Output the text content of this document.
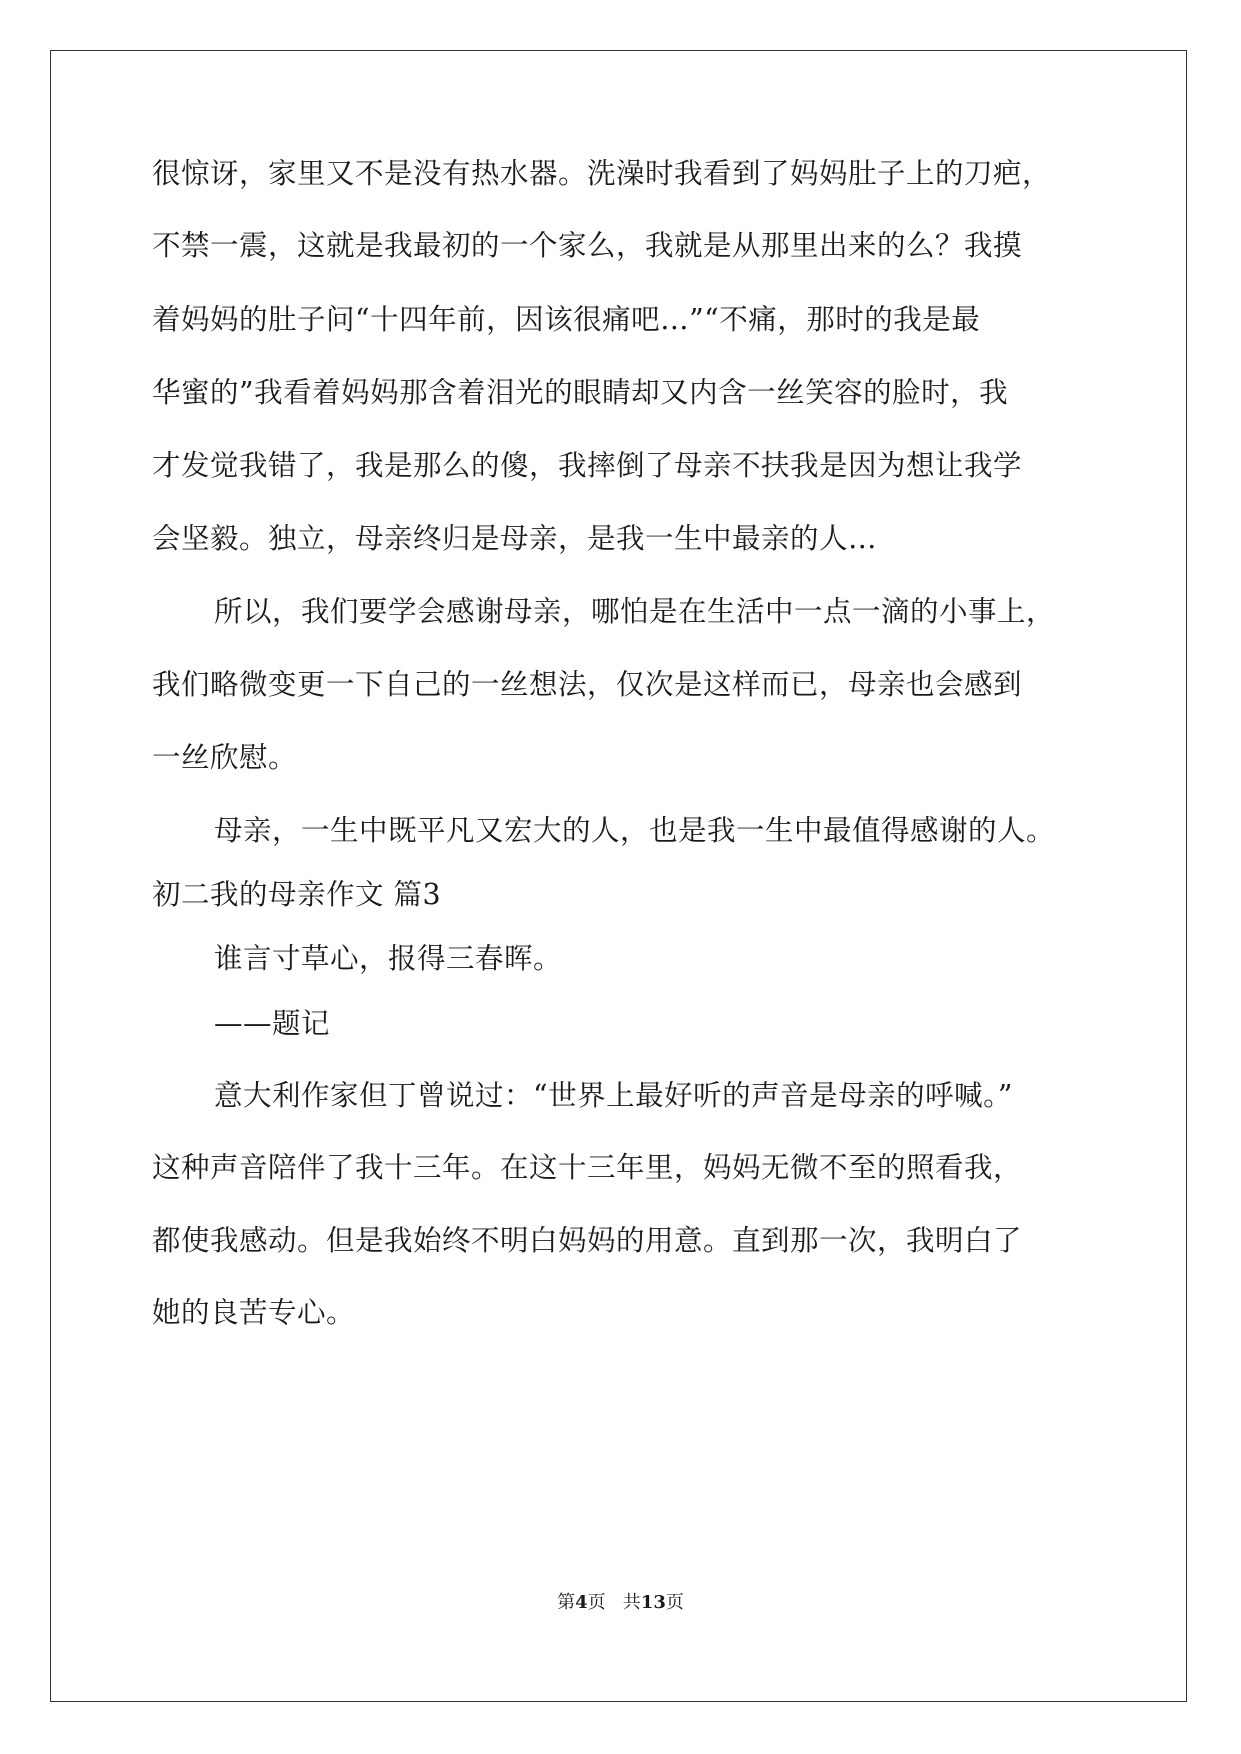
很惊讶，家里又不是没有热水器。洗澡时我看到了妈妈肚子上的刀疤，
不禁一震，这就是我最初的一个家么，我就是从那里出来的么？我摸
着妈妈的肚子问“十四年前，因该很痛吧…”“不痛，那时的我是最
华蜜的”我看着妈妈那含着泪光的眼睛却又内含一丝笑容的脸时，我
才发觉我错了，我是那么的傻，我摔倒了母亲不扶我是因为想让我学
会坚毅。独立，母亲终归是母亲，是我一生中最亲的人…
所以，我们要学会感谢母亲，哪怕是在生活中一点一滴的小事上，
我们略微变更一下自己的一丝想法，仅次是这样而已，母亲也会感到
一丝欣慰。
母亲，一生中既平凡又宏大的人，也是我一生中最值得感谢的人。
初二我的母亲作文 篇3
谁言寸草心，报得三春晖。
——题记
意大利作家但丁曾说过：“世界上最好听的声音是母亲的呼喊。”
这种声音陪伴了我十三年。在这十三年里，妈妈无微不至的照看我，
都使我感动。但是我始终不明白妈妈的用意。直到那一次，我明白了
她的良苦专心。
第4页   共13页
